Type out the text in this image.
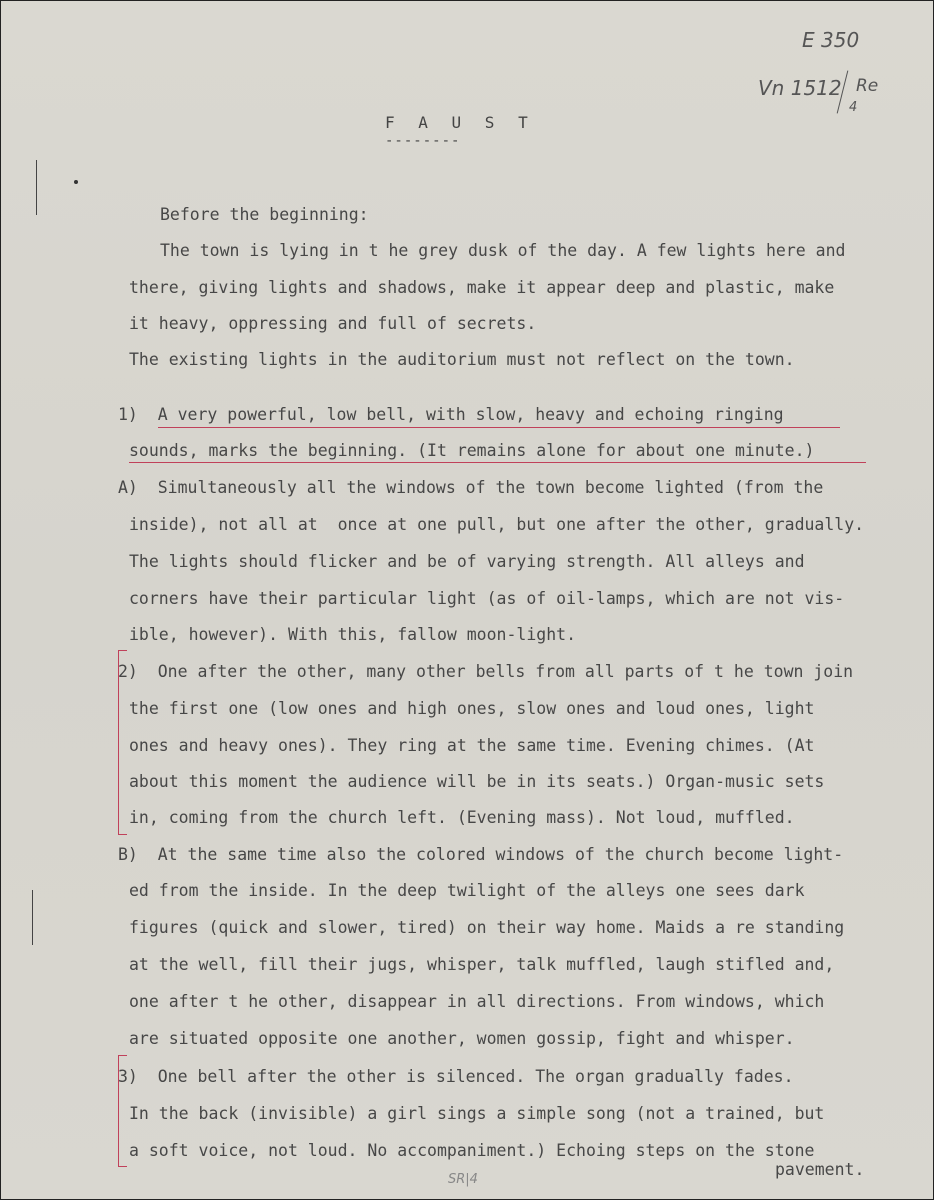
E 350
Vn 1512 Re
4
F A U S T
--------
Before the beginning:
The town is lying in t he grey dusk of the day. A few lights here and
there, giving lights and shadows, make it appear deep and plastic, make
it heavy, oppressing and full of secrets.
The existing lights in the auditorium must not reflect on the town.
1)  A very powerful, low bell, with slow, heavy and echoing ringing
sounds, marks the beginning. (It remains alone for about one minute.)
A)  Simultaneously all the windows of the town become lighted (from the
inside), not all at  once at one pull, but one after the other, gradually.
The lights should flicker and be of varying strength. All alleys and
corners have their particular light (as of oil-lamps, which are not vis-
ible, however). With this, fallow moon-light.
2)  One after the other, many other bells from all parts of t he town join
the first one (low ones and high ones, slow ones and loud ones, light
ones and heavy ones). They ring at the same time. Evening chimes. (At
about this moment the audience will be in its seats.) Organ-music sets
in, coming from the church left. (Evening mass). Not loud, muffled.
B)  At the same time also the colored windows of the church become light-
ed from the inside. In the deep twilight of the alleys one sees dark
figures (quick and slower, tired) on their way home. Maids a re standing
at the well, fill their jugs, whisper, talk muffled, laugh stifled and,
one after t he other, disappear in all directions. From windows, which
are situated opposite one another, women gossip, fight and whisper.
3)  One bell after the other is silenced. The organ gradually fades.
In the back (invisible) a girl sings a simple song (not a trained, but
a soft voice, not loud. No accompaniment.) Echoing steps on the stone
pavement.
SR|4
